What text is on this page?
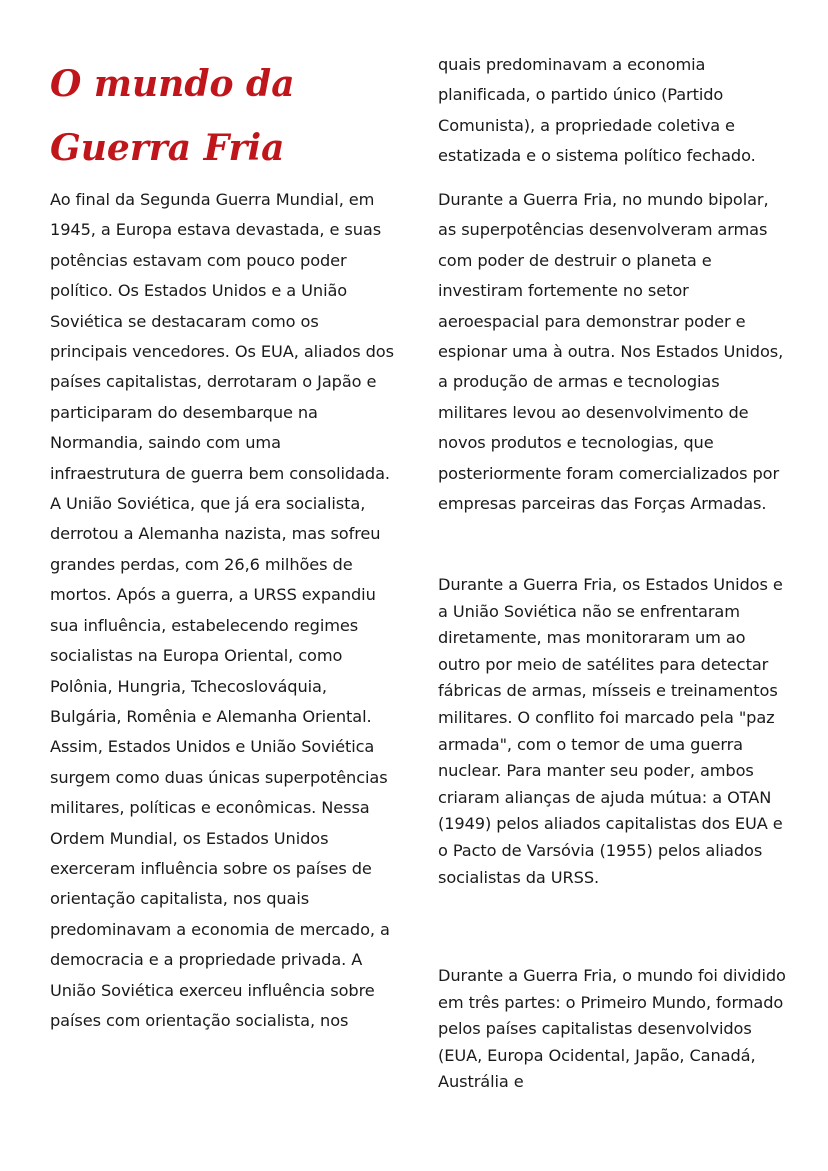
O mundo da Guerra Fria

Ao final da Segunda Guerra Mundial, em 1945, a Europa estava devastada, e suas potências estavam com pouco poder político. Os Estados Unidos e a União Soviética se destacaram como os principais vencedores. Os EUA, aliados dos países capitalistas, derrotaram o Japão e participaram do desembarque na Normandia, saindo com uma infraestrutura de guerra bem consolidada. A União Soviética, que já era socialista, derrotou a Alemanha nazista, mas sofreu grandes perdas, com 26,6 milhões de mortos. Após a guerra, a URSS expandiu sua influência, estabelecendo regimes socialistas na Europa Oriental, como Polônia, Hungria, Tchecoslováquia, Bulgária, Romênia e Alemanha Oriental. Assim, Estados Unidos e União Soviética surgem como duas únicas superpotências militares, políticas e econômicas. Nessa Ordem Mundial, os Estados Unidos exerceram influência sobre os países de orientação capitalista, nos quais predominavam a economia de mercado, a democracia e a propriedade privada. A União Soviética exerceu influência sobre países com orientação socialista, nos

quais predominavam a economia planificada, o partido único (Partido Comunista), a propriedade coletiva e estatizada e o sistema político fechado.

Durante a Guerra Fria, no mundo bipolar, as superpotências desenvolveram armas com poder de destruir o planeta e investiram fortemente no setor aeroespacial para demonstrar poder e espionar uma à outra. Nos Estados Unidos, a produção de armas e tecnologias militares levou ao desenvolvimento de novos produtos e tecnologias, que posteriormente foram comercializados por empresas parceiras das Forças Armadas.

Durante a Guerra Fria, os Estados Unidos e a União Soviética não se enfrentaram diretamente, mas monitoraram um ao outro por meio de satélites para detectar fábricas de armas, mísseis e treinamentos militares. O conflito foi marcado pela "paz armada", com o temor de uma guerra nuclear. Para manter seu poder, ambos criaram alianças de ajuda mútua: a OTAN (1949) pelos aliados capitalistas dos EUA e o Pacto de Varsóvia (1955) pelos aliados socialistas da URSS.

Durante a Guerra Fria, o mundo foi dividido em três partes: o Primeiro Mundo, formado pelos países capitalistas desenvolvidos (EUA, Europa Ocidental, Japão, Canadá, Austrália e
